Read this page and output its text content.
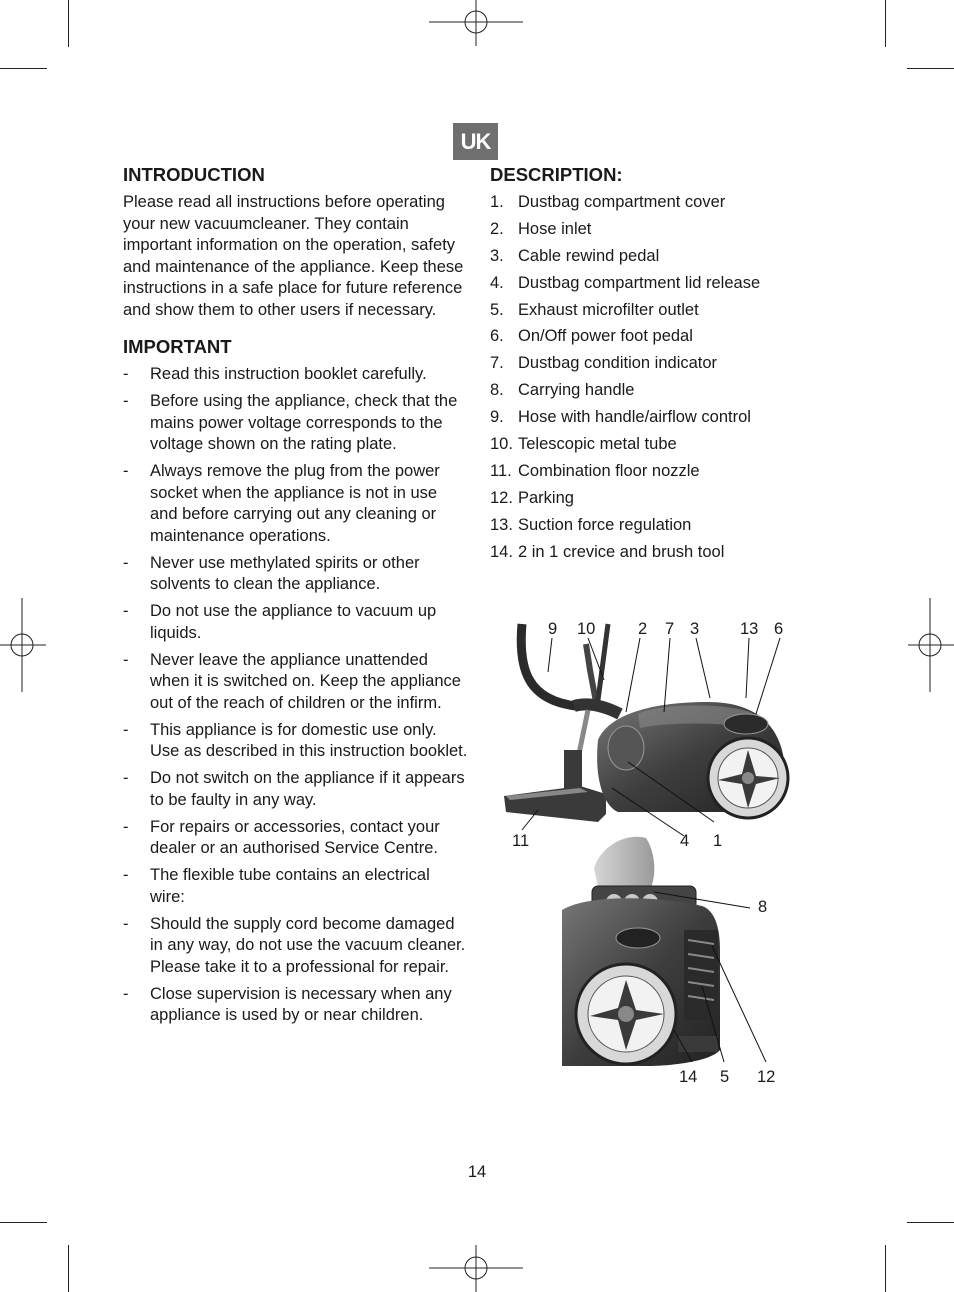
UK
INTRODUCTION

Please read all instructions before operating your new vacuumcleaner. They contain important information on the operation, safety and maintenance of the appliance. Keep these instructions in a safe place for future reference and show them to other users if necessary.

IMPORTANT
- Read this instruction booklet carefully.
- Before using the appliance, check that the mains power voltage corresponds to the voltage shown on the rating plate.
- Always remove the plug from the power socket when the appliance is not in use and before carrying out any cleaning or maintenance operations.
- Never use methylated spirits or other solvents to clean the appliance.
- Do not use the appliance to vacuum up liquids.
- Never leave the appliance unattended when it is switched on. Keep the appliance out of the reach of children or the infirm.
- This appliance is for domestic use only. Use as described in this instruction booklet.
- Do not switch on the appliance if it appears to be faulty in any way.
- For repairs or accessories, contact your dealer or an authorised Service Centre.
- The flexible tube contains an electrical wire:
- Should the supply cord become damaged in any way, do not use the vacuum cleaner. Please take it to a professional for repair.
- Close supervision is necessary when any appliance is used by or near children.
DESCRIPTION:
1. Dustbag compartment cover
2. Hose inlet
3. Cable rewind pedal
4. Dustbag compartment lid release
5. Exhaust microfilter outlet
6. On/Off power foot pedal
7. Dustbag condition indicator
8. Carrying handle
9. Hose with handle/airflow control
10. Telescopic metal tube
11. Combination floor nozzle
12. Parking
13. Suction force regulation
14. 2 in 1 crevice and brush tool
9 10	2 7 3 13 6
11	4 1
8
14 5 12
14
